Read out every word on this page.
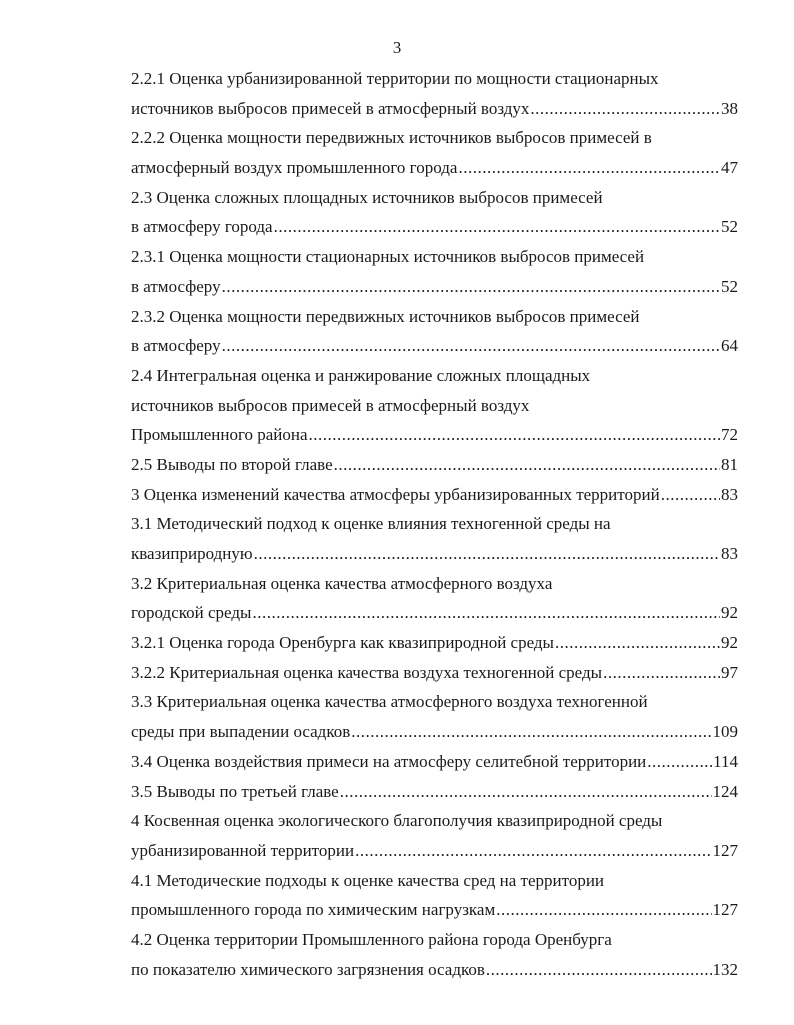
3
2.2.1 Оценка урбанизированной территории по мощности стационарных
источников выбросов примесей в атмосферный воздух .....	38
2.2.2 Оценка мощности передвижных источников выбросов примесей в
атмосферный воздух промышленного города .....	47
2.3 Оценка сложных площадных источников выбросов примесей
в атмосферу города .....	52
2.3.1 Оценка мощности стационарных источников выбросов примесей
в атмосферу .....	52
2.3.2 Оценка мощности передвижных источников выбросов примесей
в атмосферу .....	64
2.4 Интегральная оценка и ранжирование сложных площадных
источников выбросов примесей в атмосферный воздух
Промышленного района .....	72
2.5 Выводы по второй главе .....	81
3 Оценка изменений качества атмосферы урбанизированных территорий .....	83
3.1 Методический подход к оценке влияния техногенной среды на
квазиприродную .....	83
3.2 Критериальная оценка качества атмосферного воздуха
городской среды .....	92
3.2.1 Оценка города Оренбурга как квазиприродной среды .....	92
3.2.2 Критериальная оценка качества воздуха техногенной среды .....	97
3.3 Критериальная оценка качества атмосферного воздуха техногенной
среды при выпадении осадков .....	109
3.4 Оценка воздействия примеси на атмосферу селитебной территории .....	114
3.5 Выводы по третьей главе .....	124
4 Косвенная оценка экологического благополучия квазиприродной среды
урбанизированной территории .....	127
4.1 Методические подходы к оценке качества сред на территории
промышленного города по химическим нагрузкам .....	127
4.2 Оценка территории Промышленного района города Оренбурга
по показателю химического загрязнения осадков .....	132
